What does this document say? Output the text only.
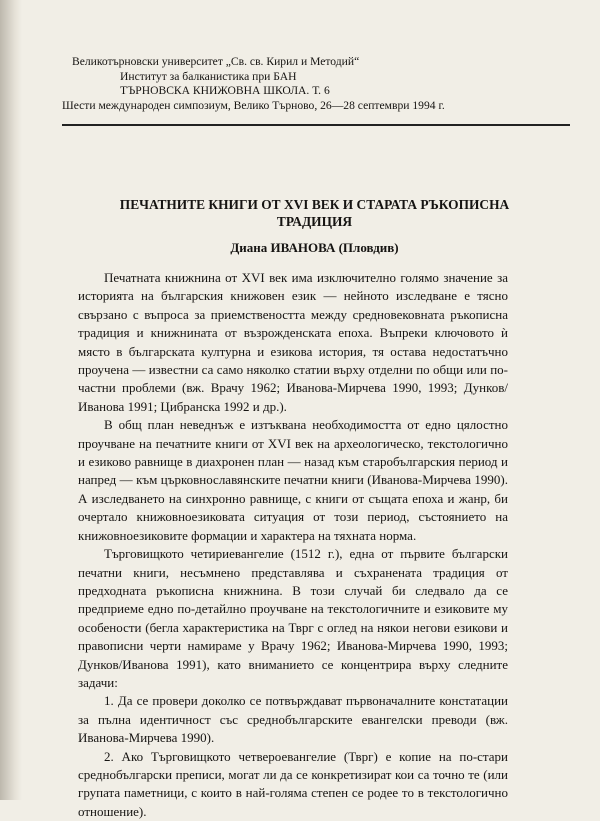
Великотърновски университет „Св. св. Кирил и Методий“
Институт за балканистика при БАН
ТЪРНОВСКА КНИЖОВНА ШКОЛА. Т. 6
Шести международен симпозиум, Велико Търново, 26—28 септември 1994 г.
ПЕЧАТНИТЕ КНИГИ ОТ XVI ВЕК И СТАРАТА РЪКОПИСНА
ТРАДИЦИЯ
Диана ИВАНОВА (Пловдив)

Печатната книжнина от XVI век има изключително голямо значение за историята на българския книжовен език — нейното изследване е тясно свързано с въпроса за приемствеността между средновековната ръкописна традиция и книжнината от възрожденската епоха. Въпреки ключовото ѝ място в българската културна и езикова история, тя остава недостатъчно проучена — известни са само няколко статии върху отделни по общи или по-частни проблеми (вж. Врачу 1962; Иванова-Мирчева 1990, 1993; Дунков/Иванова 1991; Цибранска 1992 и др.).

В общ план неведнъж е изтъквана необходимостта от едно цялостно проучване на печатните книги от XVI век на археологическо, текстологично и езиково равнище в диахронен план — назад към старобългарския период и напред — към църковнославянските печатни книги (Иванова-Мирчева 1990). А изследването на синхронно равнище, с книги от същата епоха и жанр, би очертало книжовноезиковата ситуация от този период, състоянието на книжовноезиковите формации и характера на тяхната норма.

Търговищкото четириевангелие (1512 г.), една от първите български печатни книги, несъмнено представлява и съхранената традиция от предходната ръкописна книжнина. В този случай би следвало да се предприеме едно по-детайлно проучване на текстологичните и езиковите му особености (бегла характеристика на Тврг с оглед на някои негови езикови и правописни черти намираме у Врачу 1962; Иванова-Мирчева 1990, 1993; Дунков/Иванова 1991), като вниманието се концентрира върху следните задачи:

1. Да се провери доколко се потвърждават първоначалните констатации за пълна идентичност със среднобългарските евангелски преводи (вж. Иванова-Мирчева 1990).

2. Ако Търговищкото четвероевангелие (Тврг) е копие на по-стари среднобългарски преписи, могат ли да се конкретизират кои са точно те (или групата паметници, с които в най-голяма степен се родее то в текстологично отношение).
